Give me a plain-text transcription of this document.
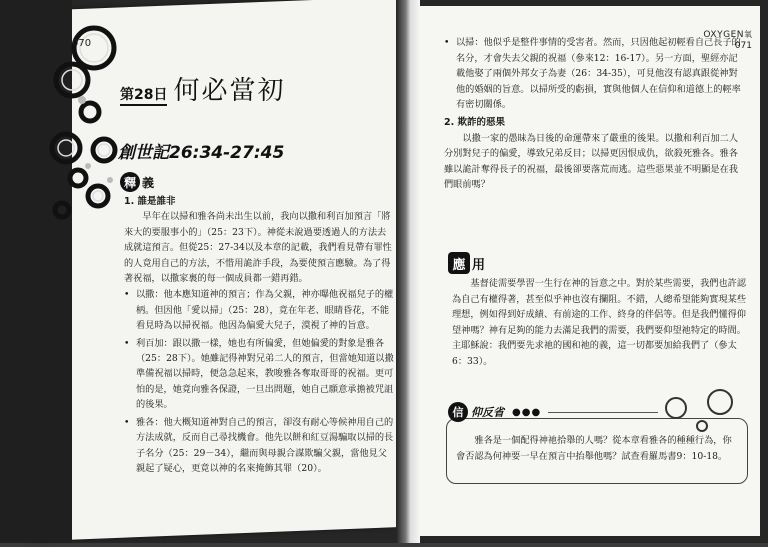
070
第28日 何必當初
創世記26:34-27:45
釋 義
1. 誰是誰非

早年在以掃和雅各尚未出生以前，我向以撒和利百加預言「將來大的要服事小的」（25：23下）。神從未說過要透過人的方法去成就這預言。但從25：27-34以及本章的記載，我們看見帶有罪性的人竟用自己的方法，不惜用詭詐手段，為要使預言應驗。為了得著祝福，以撒家裏的每一個成員都一錯再錯。

• 以撒：他本應知道神的預言；作為父親，神亦曝他祝福兒子的權柄。但因他「愛以掃」（25：28），竟在年老、眼睛昏花，不能看見時為以掃祝福。他因為偏愛大兒子，漠視了神的旨意。
• 利百加：跟以撒一樣，她也有所偏愛，但她偏愛的對象是雅各（25：28下）。她雖記得神對兄弟二人的預言，但當她知道以撒準備祝福以掃時，便急急起來，教唆雅各奪取哥哥的祝福。更可怕的是，她竟向雅各保證，一旦出問題，她自己願意承擔被咒詛的後果。
• 雅各：他大概知道神對自己的預言，卻沒有耐心等候神用自己的方法成就，反而自己尋找機會。他先以餅和紅豆湯騙取以掃的長子名分（25：29－34），繼而與母親合謀欺騙父親，當他見父親起了疑心，更竟以神的名來掩飾其罪（20）。
OXYGEN氧
071
• 以掃：他似乎是整件事情的受害者。然而，只因他起初輕看自己長子的名分，才會失去父親的祝福（參來12：16-17）。另一方面，聖經亦記載他娶了兩個外邦女子為妻（26：34-35），可見他沒有認真跟從神對他的婚姻的旨意。以掃所受的虧損，實與他個人在信仰和道德上的輕率有密切關係。
2. 欺詐的惡果

以撒一家的愚昧為日後的命運帶來了嚴重的後果。以撒和利百加二人分別對兒子的偏愛，導致兄弟反目；以掃更因恨成仇，欲殺死雅各。雅各雖以詭計奪得長子的祝福，最後卻要落荒而逃。這些惡果並不明顯是在我們眼前嗎？

應 用

基督徒需要學習一生行在神的旨意之中。對於某些需要，我們也許認為自己有權得著，甚至似乎神也沒有攔阻。不錯，人總希望能夠實現某些理想，例如得到好成績、有前途的工作、終身的伴侶等。但是我們懂得仰望神嗎？神有足夠的能力去滿足我們的需要，我們要仰望祂特定的時間。主耶穌說：我們要先求祂的國和祂的義，這一切都要加給我們了（參太6：33）。

信 仰反省 ●●●

雅各是一個配得神祂拾舉的人嗎？從本章看雅各的種種行為，你會否認為何神要一早在預言中抬舉他嗎？試查看羅馬書9：10-18。
